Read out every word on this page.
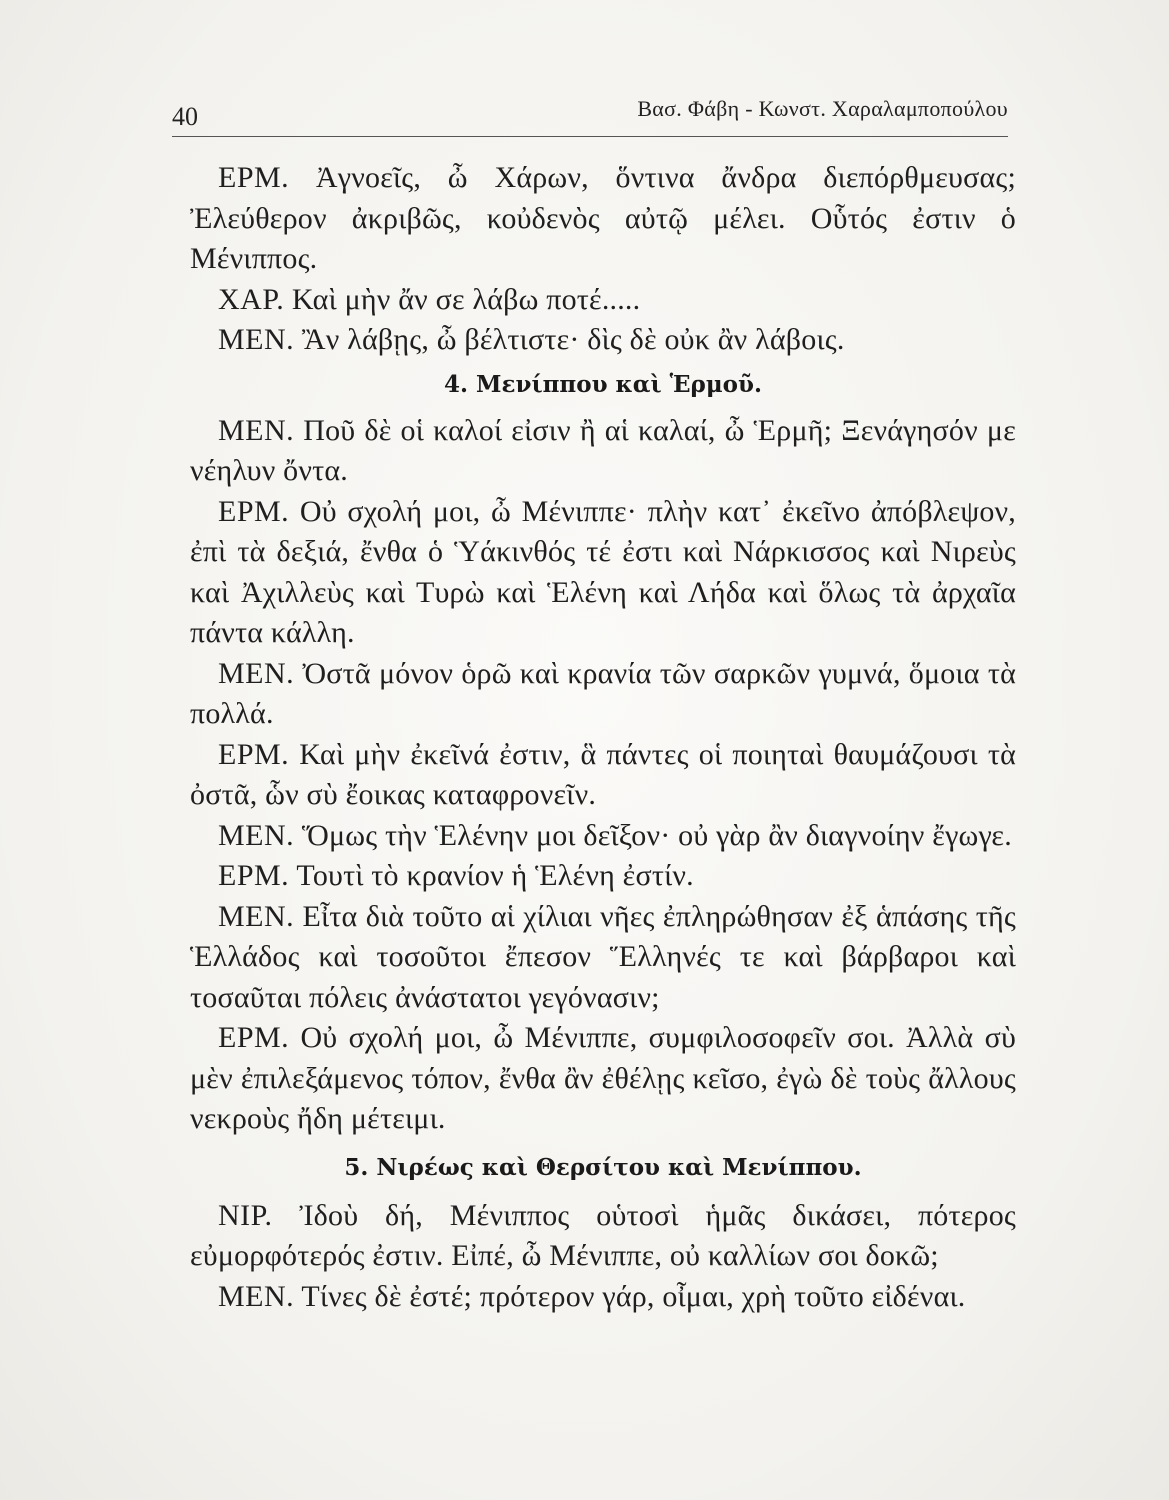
40	Βασ. Φάβη - Κωνστ. Χαραλαμποπούλου

ΕΡΜ. Ἀγνοεῖς, ὦ Χάρων, ὅντινα ἄνδρα διεπόρθμευσας; Ἐλεύθερον ἀκριβῶς, κοὐδενὸς αὐτῷ μέλει. Οὗτός ἐστιν ὁ Μένιππος.

ΧΑΡ. Καὶ μὴν ἄν σε λάβω ποτέ.....

ΜΕΝ. Ἂν λάβῃς, ὦ βέλτιστε· δὶς δὲ οὐκ ἂν λάβοις.

4. Μενίππου καὶ Ἑρμοῦ.

ΜΕΝ. Ποῦ δὲ οἱ καλοί εἰσιν ἢ αἱ καλαί, ὦ Ἑρμῆ; Ξενάγησόν με νέηλυν ὄντα.

ΕΡΜ. Οὐ σχολή μοι, ὦ Μένιππε· πλὴν κατ᾽ ἐκεῖνο ἀπόβλεψον, ἐπὶ τὰ δεξιά, ἔνθα ὁ Ὑάκινθός τέ ἐστι καὶ Νάρκισσος καὶ Νιρεὺς καὶ Ἀχιλλεὺς καὶ Τυρὼ καὶ Ἑλένη καὶ Λήδα καὶ ὅλως τὰ ἀρχαῖα πάντα κάλλη.

ΜΕΝ. Ὀστᾶ μόνον ὁρῶ καὶ κρανία τῶν σαρκῶν γυμνά, ὅμοια τὰ πολλά.

ΕΡΜ. Καὶ μὴν ἐκεῖνά ἐστιν, ἃ πάντες οἱ ποιηταὶ θαυμάζουσι τὰ ὀστᾶ, ὧν σὺ ἔοικας καταφρονεῖν.

ΜΕΝ. Ὅμως τὴν Ἑλένην μοι δεῖξον· οὐ γὰρ ἂν διαγνοίην ἔγωγε.

ΕΡΜ. Τουτὶ τὸ κρανίον ἡ Ἑλένη ἐστίν.

ΜΕΝ. Εἶτα διὰ τοῦτο αἱ χίλιαι νῆες ἐπληρώθησαν ἐξ ἁπάσης τῆς Ἑλλάδος καὶ τοσοῦτοι ἔπεσον Ἕλληνές τε καὶ βάρβαροι καὶ τοσαῦται πόλεις ἀνάστατοι γεγόνασιν;

ΕΡΜ. Οὐ σχολή μοι, ὦ Μένιππε, συμφιλοσοφεῖν σοι. Ἀλλὰ σὺ μὲν ἐπιλεξάμενος τόπον, ἔνθα ἂν ἐθέλῃς κεῖσο, ἐγὼ δὲ τοὺς ἄλλους νεκροὺς ἤδη μέτειμι.

5. Νιρέως καὶ Θερσίτου καὶ Μενίππου.

ΝΙΡ. Ἰδοὺ δή, Μένιππος οὑτοσὶ ἡμᾶς δικάσει, πότερος εὐμορφότερός ἐστιν. Εἰπέ, ὦ Μένιππε, οὐ καλλίων σοι δοκῶ;

ΜΕΝ. Τίνες δὲ ἐστέ; πρότερον γάρ, οἶμαι, χρὴ τοῦτο εἰδέναι.
